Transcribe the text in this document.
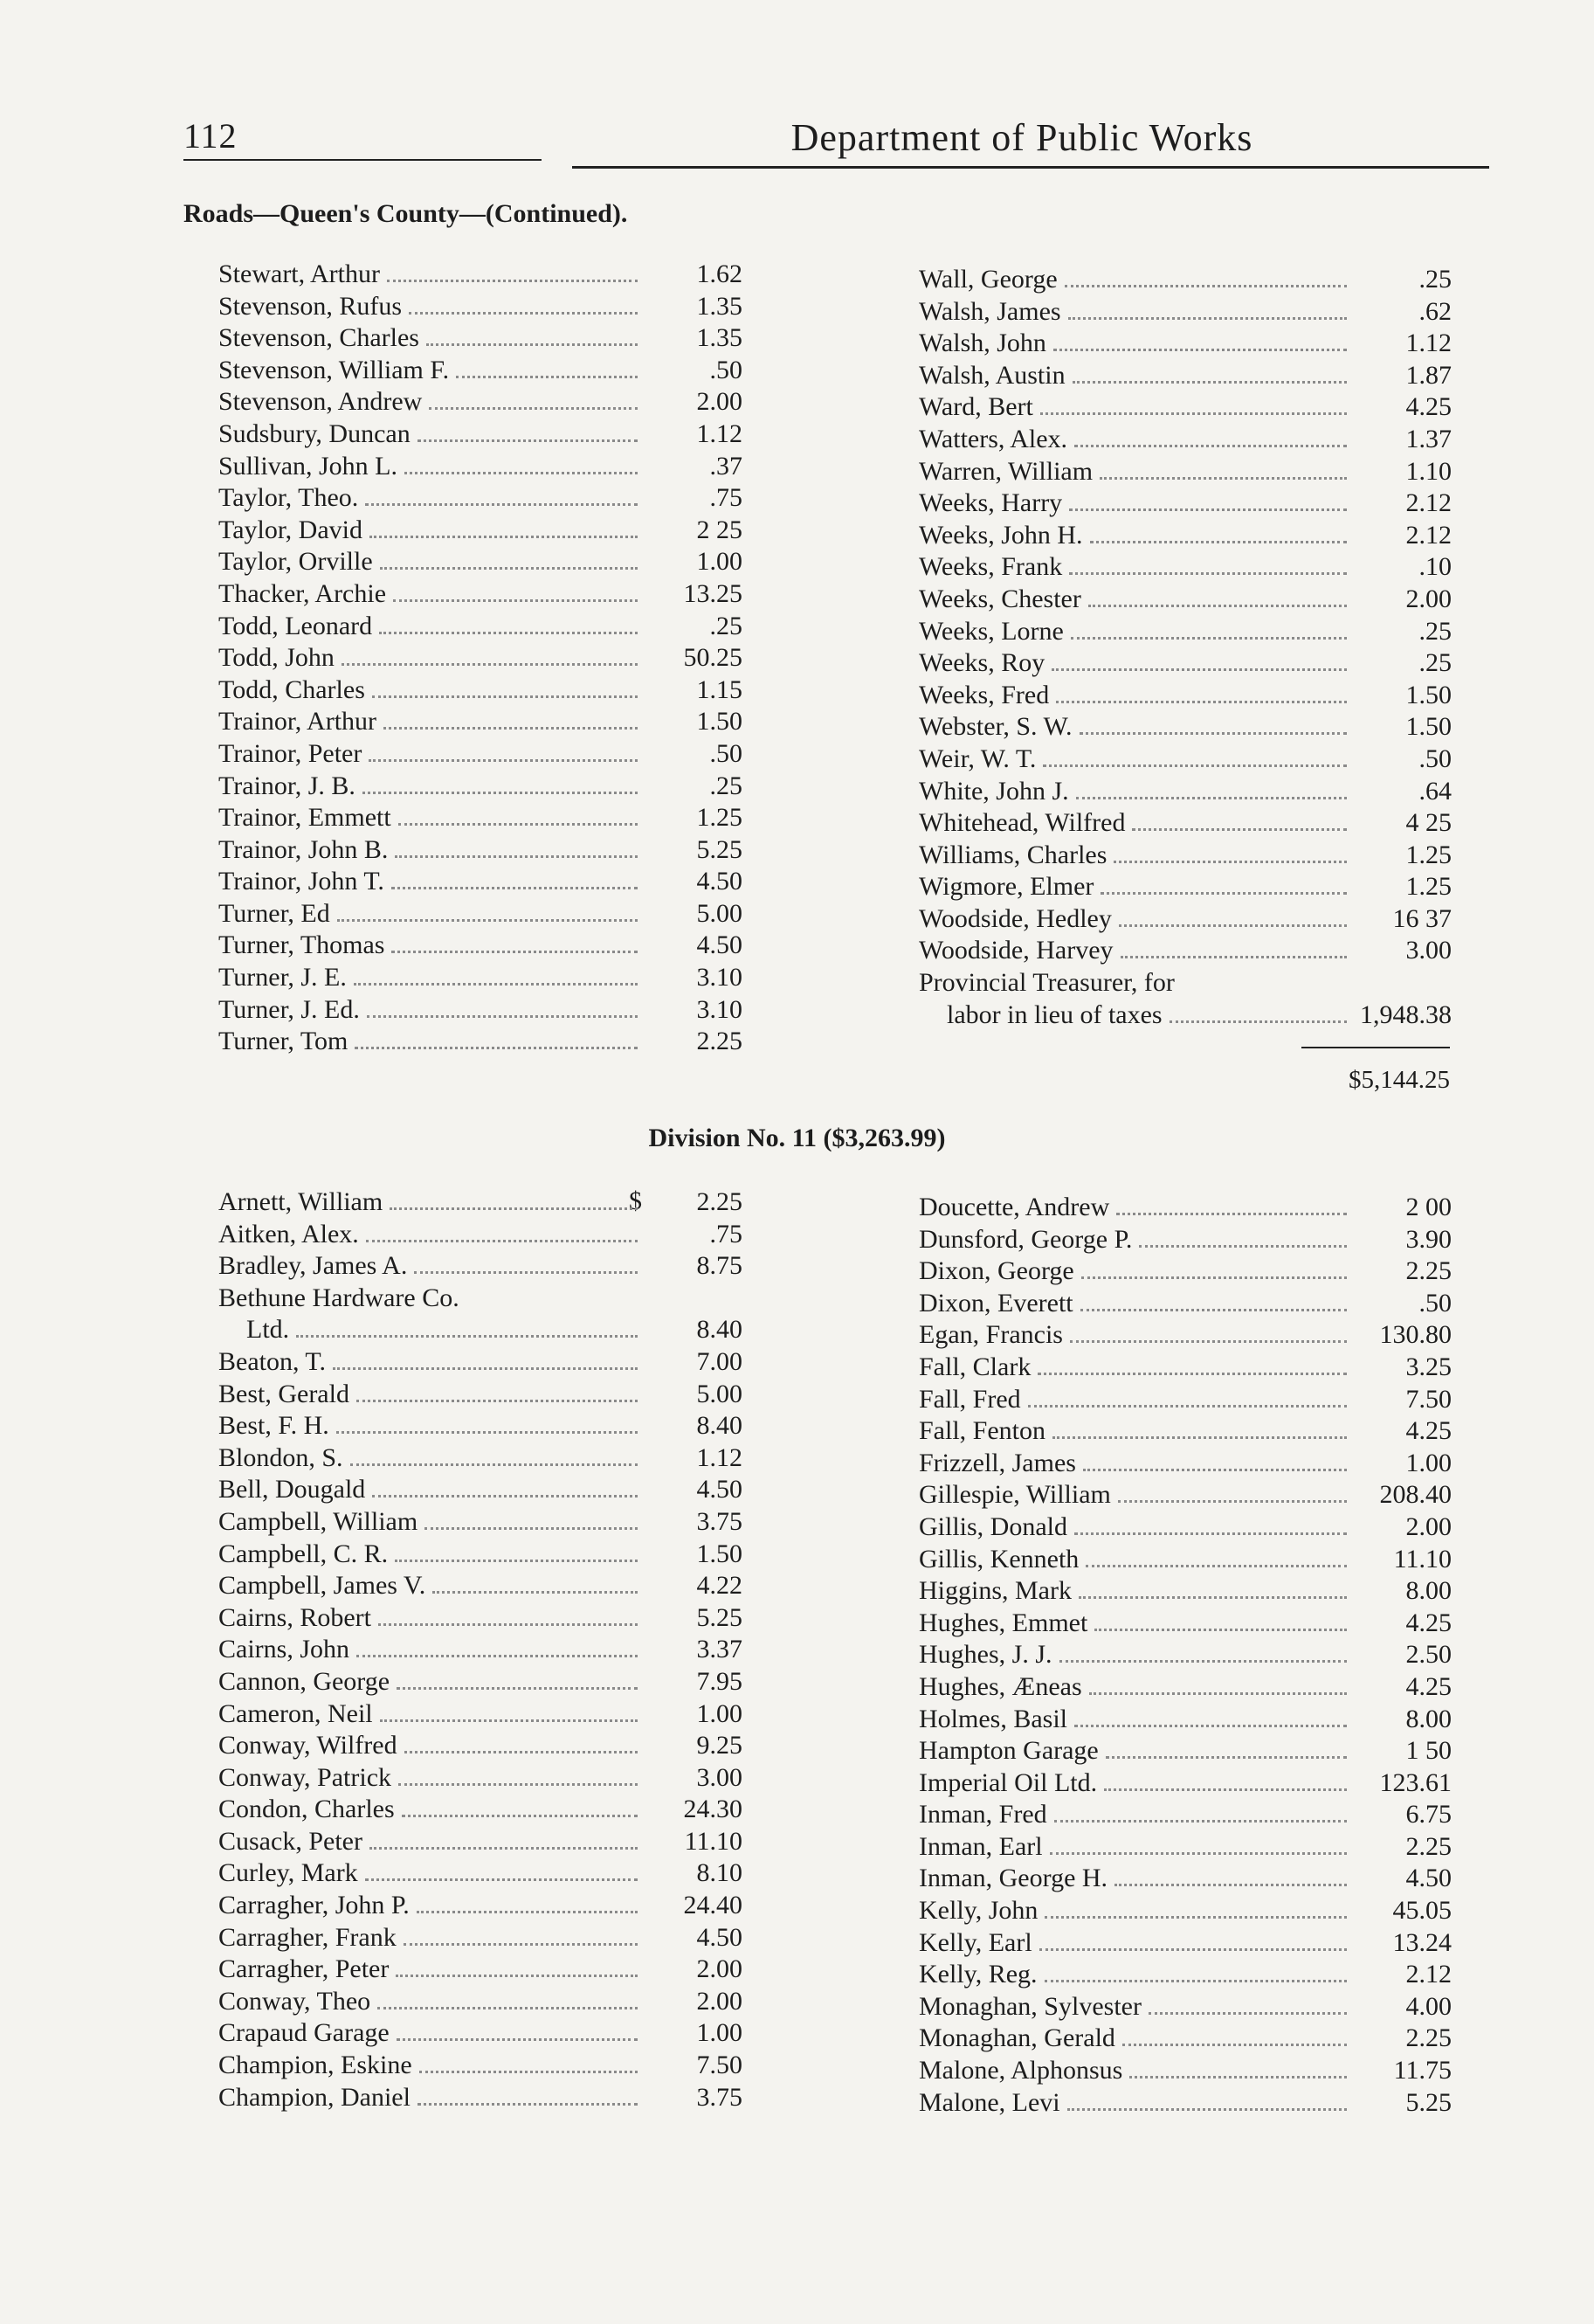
112	Department of Public Works
Roads—Queen's County—(Continued).
Stewart, Arthur	1.62
Stevenson, Rufus	1.35
Stevenson, Charles	1.35
Stevenson, William F.	.50
Stevenson, Andrew	2.00
Sudsbury, Duncan	1.12
Sullivan, John L.	.37
Taylor, Theo.	.75
Taylor, David	2 25
Taylor, Orville	1.00
Thacker, Archie	13.25
Todd, Leonard	.25
Todd, John	50.25
Todd, Charles	1.15
Trainor, Arthur	1.50
Trainor, Peter	.50
Trainor, J. B.	.25
Trainor, Emmett	1.25
Trainor, John B.	5.25
Trainor, John T.	4.50
Turner, Ed	5.00
Turner, Thomas	4.50
Turner, J. E.	3.10
Turner, J. Ed.	3.10
Turner, Tom	2.25
Wall, George	.25
Walsh, James	.62
Walsh, John	1.12
Walsh, Austin	1.87
Ward, Bert	4.25
Watters, Alex.	1.37
Warren, William	1.10
Weeks, Harry	2.12
Weeks, John H.	2.12
Weeks, Frank	.10
Weeks, Chester	2.00
Weeks, Lorne	.25
Weeks, Roy	.25
Weeks, Fred	1.50
Webster, S. W.	1.50
Weir, W. T.	.50
White, John J.	.64
Whitehead, Wilfred	4 25
Williams, Charles	1.25
Wigmore, Elmer	1.25
Woodside, Hedley	16 37
Woodside, Harvey	3.00
Provincial Treasurer, for
labor in lieu of taxes	1,948.38
$5,144.25
Division No. 11 ($3,263.99)
$
Arnett, William	2.25
Aitken, Alex.	.75
Bradley, James A.	8.75
Bethune Hardware Co.
Ltd.	8.40
Beaton, T.	7.00
Best, Gerald	5.00
Best, F. H.	8.40
Blondon, S.	1.12
Bell, Dougald	4.50
Campbell, William	3.75
Campbell, C. R.	1.50
Campbell, James V.	4.22
Cairns, Robert	5.25
Cairns, John	3.37
Cannon, George	7.95
Cameron, Neil	1.00
Conway, Wilfred	9.25
Conway, Patrick	3.00
Condon, Charles	24.30
Cusack, Peter	11.10
Curley, Mark	8.10
Carragher, John P.	24.40
Carragher, Frank	4.50
Carragher, Peter	2.00
Conway, Theo	2.00
Crapaud Garage	1.00
Champion, Eskine	7.50
Champion, Daniel	3.75
Doucette, Andrew	2 00
Dunsford, George P.	3.90
Dixon, George	2.25
Dixon, Everett	.50
Egan, Francis	130.80
Fall, Clark	3.25
Fall, Fred	7.50
Fall, Fenton	4.25
Frizzell, James	1.00
Gillespie, William	208.40
Gillis, Donald	2.00
Gillis, Kenneth	11.10
Higgins, Mark	8.00
Hughes, Emmet	4.25
Hughes, J. J.	2.50
Hughes, Æneas	4.25
Holmes, Basil	8.00
Hampton Garage	1 50
Imperial Oil Ltd.	123.61
Inman, Fred	6.75
Inman, Earl	2.25
Inman, George H.	4.50
Kelly, John	45.05
Kelly, Earl	13.24
Kelly, Reg.	2.12
Monaghan, Sylvester	4.00
Monaghan, Gerald	2.25
Malone, Alphonsus	11.75
Malone, Levi	5.25
